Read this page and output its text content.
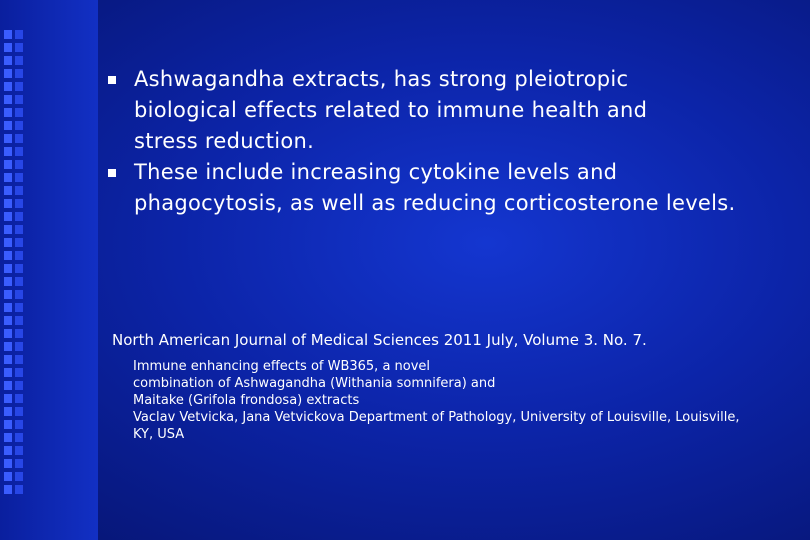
Ashwagandha extracts, has strong pleiotropic
biological effects related to immune health and
stress reduction.
These include increasing cytokine levels and
phagocytosis, as well as reducing corticosterone levels.
North American Journal of Medical Sciences 2011 July, Volume 3. No. 7.
Immune enhancing effects of WB365, a novel
combination of Ashwagandha (Withania somnifera) and
Maitake (Grifola frondosa) extracts
Vaclav Vetvicka, Jana Vetvickova Department of Pathology, University of Louisville, Louisville,
KY, USA
